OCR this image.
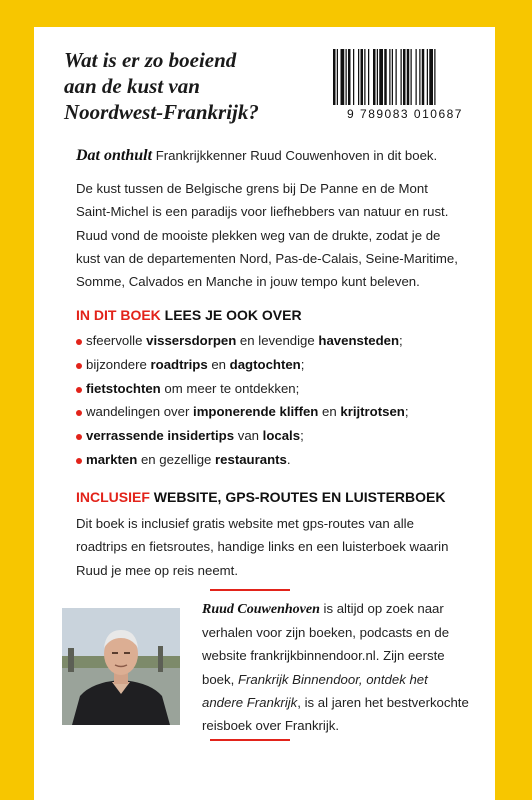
Wat is er zo boeiend
aan de kust van
Noordwest-Frankrijk?	9 789083 010687
Dat onthult Frankrijkkenner Ruud Couwenhoven in dit boek.
De kust tussen de Belgische grens bij De Panne en de Mont
Saint-Michel is een paradijs voor liefhebbers van natuur en rust.
Ruud vond de mooiste plekken weg van de drukte, zodat je de
kust van de departementen Nord, Pas-de-Calais, Seine-Maritime,
Somme, Calvados en Manche in jouw tempo kunt beleven.
IN DIT BOEK LEES JE OOK OVER
sfeervolle vissersdorpen en levendige havensteden;
bijzondere roadtrips en dagtochten;
fietstochten om meer te ontdekken;
wandelingen over imponerende kliffen en krijtrotsen;
verrassende insidertips van locals;
markten en gezellige restaurants.
INCLUSIEF WEBSITE, GPS-ROUTES EN LUISTERBOEK
Dit boek is inclusief gratis website met gps-routes van alle
roadtrips en fietsroutes, handige links en een luisterboek waarin
Ruud je mee op reis neemt.
Ruud Couwenhoven is altijd op zoek naar
verhalen voor zijn boeken, podcasts en de
website frankrijkbinnendoor.nl. Zijn eerste
boek, Frankrijk Binnendoor, ontdek het
andere Frankrijk, is al jaren het bestverkochte
reisboek over Frankrijk.
